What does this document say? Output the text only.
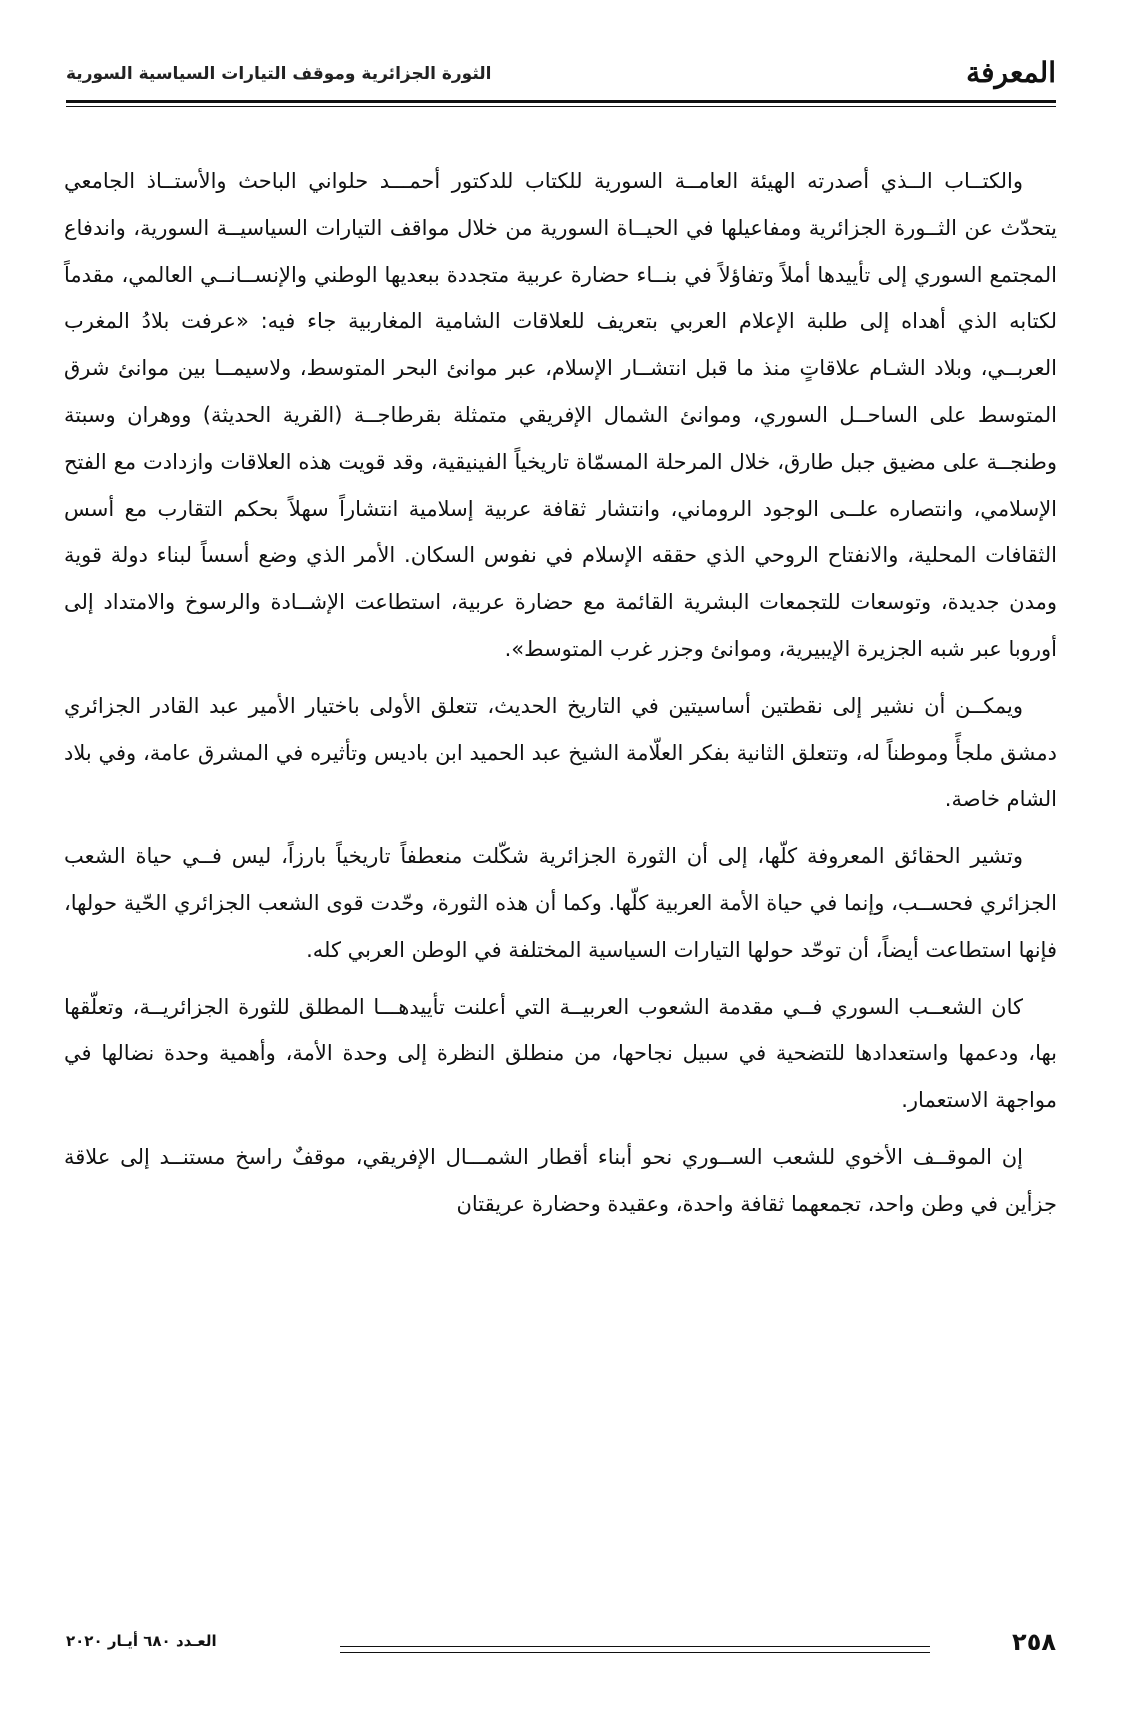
المعرفة
الثورة الجزائرية وموقف التيارات السياسية السورية

والكتــاب الــذي أصدرته الهيئة العامــة السورية للكتاب للدكتور أحمـــد حلواني الباحث والأستــاذ الجامعي يتحدّث عن الثــورة الجزائرية ومفاعيلها في الحيــاة السورية من خلال مواقف التيارات السياسيــة السورية، واندفاع المجتمع السوري إلى تأييدها أملاً وتفاؤلاً في بنــاء حضارة عربية متجددة ببعديها الوطني والإنســانــي العالمي، مقدماً لكتابه الذي أهداه إلى طلبة الإعلام العربي بتعريف للعلاقات الشامية المغاربية جاء فيه: «عرفت بلادُ المغرب العربــي، وبلاد الشـام علاقاتٍ منذ ما قبل انتشــار الإسلام، عبر موانئ البحر المتوسط، ولاسيمــا بين موانئ شرق المتوسط على الساحــل السوري، وموانئ الشمال الإفريقي متمثلة بقرطاجــة (القرية الحديثة) ووهران وسبتة وطنجــة على مضيق جبل طارق، خلال المرحلة المسمّاة تاريخياً الفينيقية، وقد قويت هذه العلاقات وازدادت مع الفتح الإسلامي، وانتصاره علــى الوجود الروماني، وانتشار ثقافة عربية إسلامية انتشاراً سهلاً بحكم التقارب مع أسس الثقافات المحلية، والانفتاح الروحي الذي حققه الإسلام في نفوس السكان. الأمر الذي وضع أسساً لبناء دولة قوية ومدن جديدة، وتوسعات للتجمعات البشرية القائمة مع حضارة عربية، استطاعت الإشــادة والرسوخ والامتداد إلى أوروبا عبر شبه الجزيرة الإيبيرية، وموانئ وجزر غرب المتوسط».

ويمكــن أن نشير إلى نقطتين أساسيتين في التاريخ الحديث، تتعلق الأولى باختيار الأمير عبد القادر الجزائري دمشق ملجأً وموطناً له، وتتعلق الثانية بفكر العلّامة الشيخ عبد الحميد ابن باديس وتأثيره في المشرق عامة، وفي بلاد الشام خاصة.

وتشير الحقائق المعروفة كلّها، إلى أن الثورة الجزائرية شكّلت منعطفاً تاريخياً بارزاً، ليس فــي حياة الشعب الجزائري فحســب، وإنما في حياة الأمة العربية كلّها. وكما أن هذه الثورة، وحّدت قوى الشعب الجزائري الحّية حولها، فإنها استطاعت أيضاً، أن توحّد حولها التيارات السياسية المختلفة في الوطن العربي كله.

كان الشعــب السوري فــي مقدمة الشعوب العربيــة التي أعلنت تأييدهـــا المطلق للثورة الجزائريــة، وتعلّقها بها، ودعمها واستعدادها للتضحية في سبيل نجاحها، من منطلق النظرة إلى وحدة الأمة، وأهمية وحدة نضالها في مواجهة الاستعمار.

إن الموقــف الأخوي للشعب الســوري نحو أبناء أقطار الشمـــال الإفريقي، موقفٌ راسخ مستنــد إلى علاقة جزأين في وطن واحد، تجمعهما ثقافة واحدة، وعقيدة وحضارة عريقتان

٢٥٨
العـدد ٦٨٠ أيـار ٢٠٢٠
